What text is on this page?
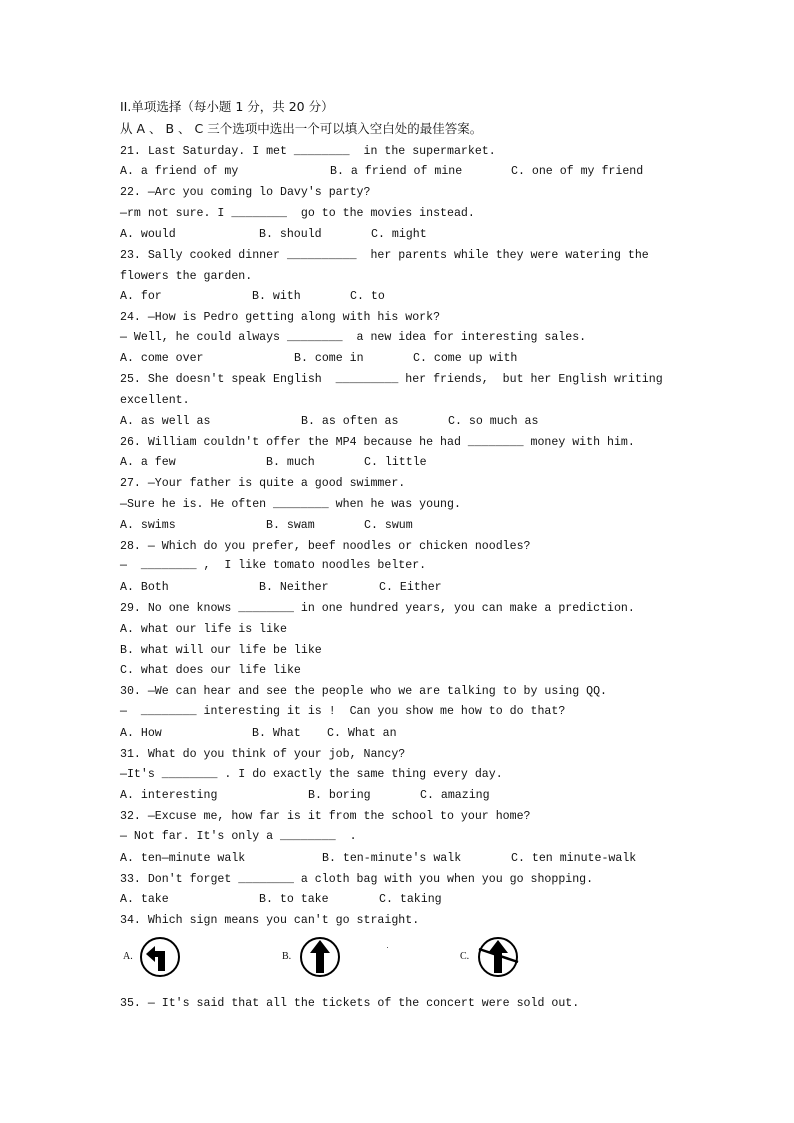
II.单项选择（每小题 1 分，共 20 分）
从 A 、 B 、 C 三个选项中选出一个可以填入空白处的最佳答案。
21. Last Saturday. I met ________  in the supermarket.
A. a friend of my	B. a friend of mine	C. one of my friend
22. —Arc you coming lo Davy's party?
—rm not sure. I ________  go to the movies instead.
A. would	B. should	C. might
23. Sally cooked dinner __________  her parents while they were watering the
flowers the garden.
A. for	B. with	C. to
24. —How is Pedro getting along with his work?
— Well, he could always ________  a new idea for interesting sales.
A. come over	B. come in	C. come up with
25. She doesn't speak English  _________ her friends,  but her English writing
excellent.
A. as well as	B. as often as	C. so much as
26. William couldn't offer the MP4 because he had ________ money with him.
A. a few	B. much	C. little
27. —Your father is quite a good swimmer.
—Sure he is. He often ________ when he was young.
A. swims	B. swam	C. swum
28. — Which do you prefer, beef noodles or chicken noodles?
—  ________ ,  I like tomato noodles belter.
A. Both	B. Neither	C. Either
29. No one knows ________ in one hundred years, you can make a prediction.
A. what our life is like
B. what will our life be like
C. what does our life like
30. —We can hear and see the people who we are talking to by using QQ.
—  ________ interesting it is !  Can you show me how to do that?
A. How	B. What C. What an
31. What do you think of your job, Nancy?
—It's ________ . I do exactly the same thing every day.
A. interesting	B. boring	C. amazing
32. —Excuse me, how far is it from the school to your home?
— Not far. It's only a ________  .
A. ten—minute walk	B. ten-minute's walk	C. ten minute-walk
33. Don't forget ________ a cloth bag with you when you go shopping.
A. take	B. to take	C. taking
34. Which sign means you can't go straight.
A.	B.	C.
35. — It's said that all the tickets of the concert were sold out.
